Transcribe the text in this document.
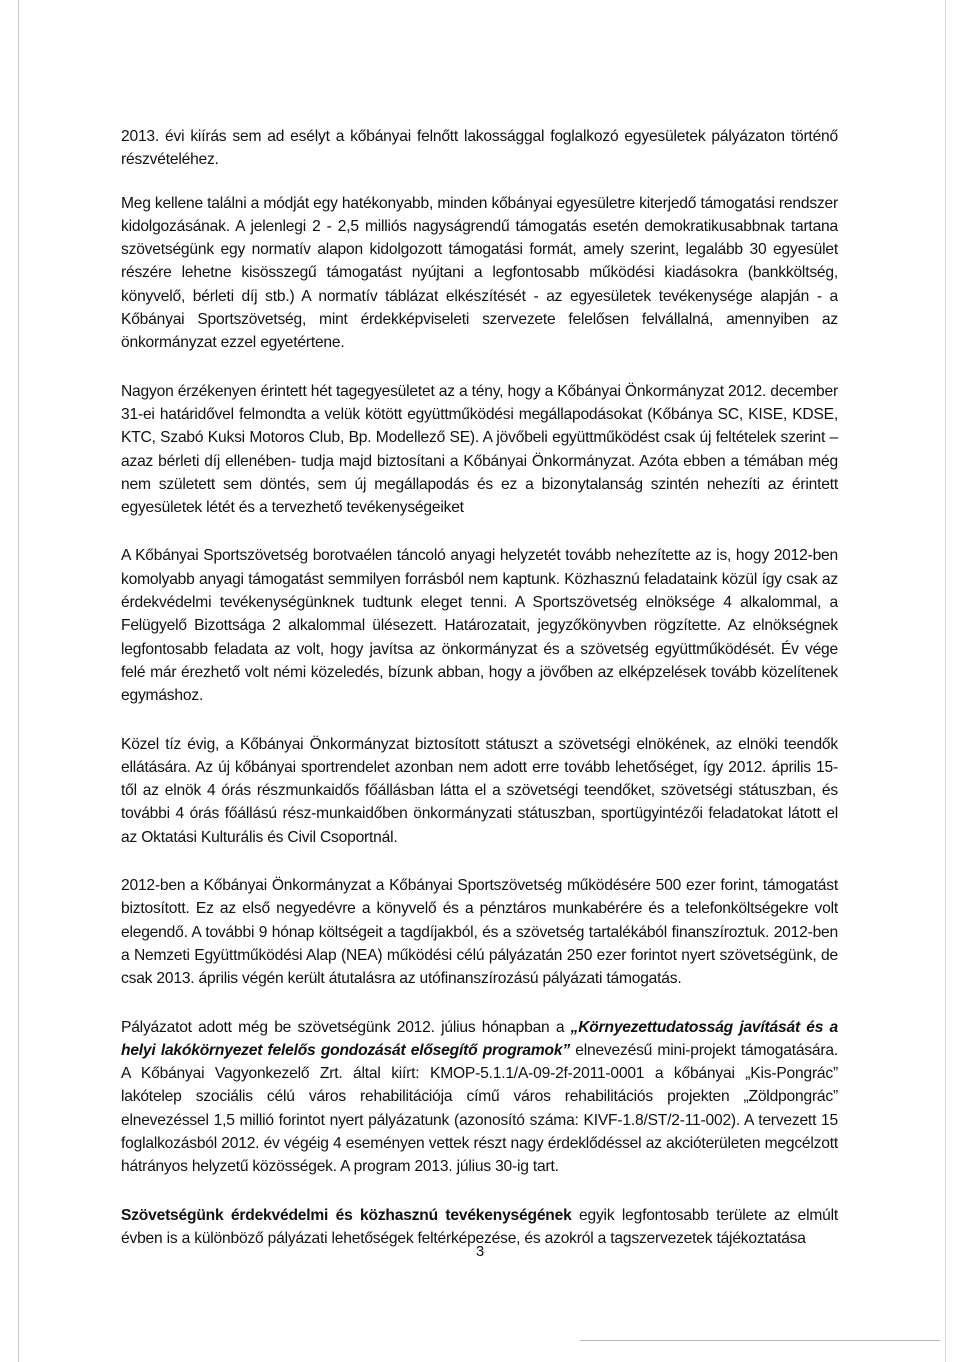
2013. évi kiírás sem ad esélyt a kőbányai felnőtt lakossággal foglalkozó egyesületek pályázaton történő részvételéhez.

Meg kellene találni a módját egy hatékonyabb, minden kőbányai egyesületre kiterjedő támogatási rendszer kidolgozásának. A jelenlegi 2 - 2,5 milliós nagyságrendű támogatás esetén demokratikusabbnak tartana szövetségünk egy normatív alapon kidolgozott támogatási formát, amely szerint, legalább 30 egyesület részére lehetne kisösszegű támogatást nyújtani a legfontosabb működési kiadásokra (bankköltség, könyvelő, bérleti díj stb.) A normatív táblázat elkészítését - az egyesületek tevékenysége alapján - a Kőbányai Sportszövetség, mint érdekképviseleti szervezete felelősen felvállalná, amennyiben az önkormányzat ezzel egyetértene.

Nagyon érzékenyen érintett hét tagegyesületet az a tény, hogy a Kőbányai Önkormányzat 2012. december 31-ei határidővel felmondta a velük kötött együttműködési megállapodásokat (Kőbánya SC, KISE, KDSE, KTC, Szabó Kuksi Motoros Club, Bp. Modellező SE). A jövőbeli együttműködést csak új feltételek szerint –azaz bérleti díj ellenében- tudja majd biztosítani a Kőbányai Önkormányzat. Azóta ebben a témában még nem született sem döntés, sem új megállapodás és ez a bizonytalanság szintén nehezíti az érintett egyesületek létét és a tervezhető tevékenységeiket

A Kőbányai Sportszövetség borotvaélen táncoló anyagi helyzetét tovább nehezítette az is, hogy 2012-ben komolyabb anyagi támogatást semmilyen forrásból nem kaptunk. Közhasznú feladataink közül így csak az érdekvédelmi tevékenységünknek tudtunk eleget tenni. A Sportszövetség elnöksége 4 alkalommal, a Felügyelő Bizottsága 2 alkalommal ülésezett. Határozatait, jegyzőkönyvben rögzítette. Az elnökségnek legfontosabb feladata az volt, hogy javítsa az önkormányzat és a szövetség együttműködését. Év vége felé már érezhető volt némi közeledés, bízunk abban, hogy a jövőben az elképzelések tovább közelítenek egymáshoz.

Közel tíz évig, a Kőbányai Önkormányzat biztosított státuszt a szövetségi elnökének, az elnöki teendők ellátására. Az új kőbányai sportrendelet azonban nem adott erre tovább lehetőséget, így 2012. április 15-től az elnök 4 órás részmunkaidős főállásban látta el a szövetségi teendőket, szövetségi státuszban, és további 4 órás főállású rész-munkaidőben önkormányzati státuszban, sportügyintézői feladatokat látott el az Oktatási Kulturális és Civil Csoportnál.

2012-ben a Kőbányai Önkormányzat a Kőbányai Sportszövetség működésére 500 ezer forint, támogatást biztosított. Ez az első negyedévre a könyvelő és a pénztáros munkabérére és a telefonköltségekre volt elegendő. A további 9 hónap költségeit a tagdíjakból, és a szövetség tartalékából finanszíroztuk. 2012-ben a Nemzeti Együttműködési Alap (NEA) működési célú pályázatán 250 ezer forintot nyert szövetségünk, de csak 2013. április végén került átutalásra az utófinanszírozású pályázati támogatás.

Pályázatot adott még be szövetségünk 2012. július hónapban a „Környezettudatosság javítását és a helyi lakókörnyezet felelős gondozását elősegítő programok” elnevezésű mini-projekt támogatására. A Kőbányai Vagyonkezelő Zrt. által kiírt: KMOP-5.1.1/A-09-2f-2011-0001 a kőbányai „Kis-Pongrác” lakótelep szociális célú város rehabilitációja című város rehabilitációs projekten „Zöldpongrác” elnevezéssel 1,5 millió forintot nyert pályázatunk (azonosító száma: KIVF-1.8/ST/2-11-002). A tervezett 15 foglalkozásból 2012. év végéig 4 eseményen vettek részt nagy érdeklődéssel az akcióterületen megcélzott hátrányos helyzetű közösségek. A program 2013. július 30-ig tart.

Szövetségünk érdekvédelmi és közhasznú tevékenységének egyik legfontosabb területe az elmúlt évben is a különböző pályázati lehetőségek feltérképezése, és azokról a tagszervezetek tájékoztatása

3
